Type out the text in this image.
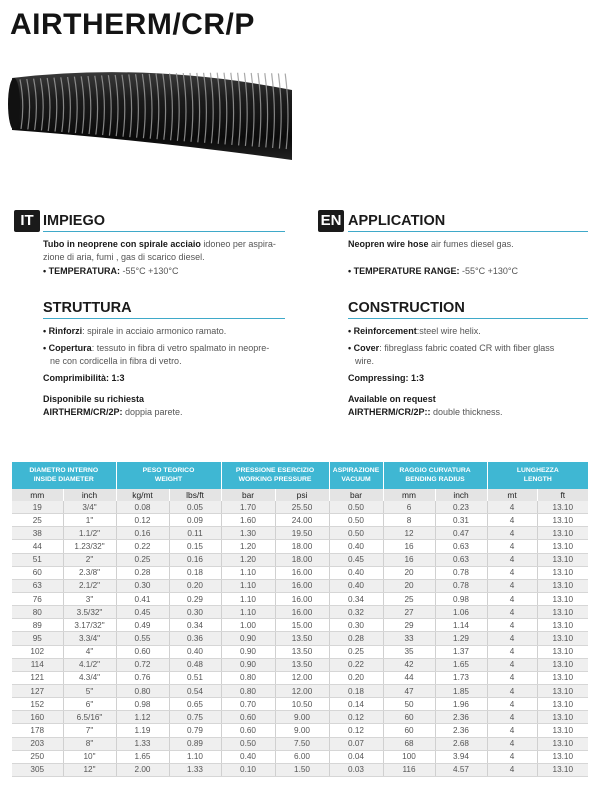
AIRTHERM/CR/P
IT IMPIEGO
Tubo in neoprene con spirale acciaio idoneo per aspira-
zione di aria, fumi , gas di scarico diesel.
• TEMPERATURA: -55°C +130°C
STRUTTURA
• Rinforzi: spirale in acciaio armonico ramato.
• Copertura: tessuto in fibra di vetro spalmato in neopre-
ne con cordicella in fibra di vetro.
Comprimibilità: 1:3
Disponibile su richiesta
AIRTHERM/CR/2P: doppia parete.
EN APPLICATION
Neopren wire hose air fumes diesel gas.
• TEMPERATURE RANGE: -55°C +130°C
CONSTRUCTION
• Reinforcement:steel wire helix.
• Cover: fibreglass fabric coated CR with fiber glass
wire.
Compressing: 1:3
Available on request
AIRTHERM/CR/2P:: double thickness.
DIAMETRO INTERNO
INSIDE DIAMETER		PESO TEORICO
WEIGHT		PRESSIONE ESERCIZIO
WORKING PRESSURE		ASPIRAZIONE
VACUUM	RAGGIO CURVATURA
BENDING RADIUS		LUNGHEZZA
LENGTH	
mm	inch	kg/mt	lbs/ft	bar	psi	bar	mm	inch	mt	ft
19	3/4"	0.08	0.05	1.70	25.50	0.50	6	0.23	4	13.10
25	1"	0.12	0.09	1.60	24.00	0.50	8	0.31	4	13.10
38	1.1/2"	0.16	0.11	1.30	19.50	0.50	12	0.47	4	13.10
44	1.23/32"	0.22	0.15	1.20	18.00	0.40	16	0.63	4	13.10
51	2"	0.25	0.16	1.20	18.00	0.45	16	0.63	4	13.10
60	2.3/8"	0.28	0.18	1.10	16.00	0.40	20	0.78	4	13.10
63	2.1/2"	0.30	0.20	1.10	16.00	0.40	20	0.78	4	13.10
76	3"	0.41	0.29	1.10	16.00	0.34	25	0.98	4	13.10
80	3.5/32"	0.45	0.30	1.10	16.00	0.32	27	1.06	4	13.10
89	3.17/32"	0.49	0.34	1.00	15.00	0.30	29	1.14	4	13.10
95	3.3/4"	0.55	0.36	0.90	13.50	0.28	33	1.29	4	13.10
102	4"	0.60	0.40	0.90	13.50	0.25	35	1.37	4	13.10
114	4.1/2"	0.72	0.48	0.90	13.50	0.22	42	1.65	4	13.10
121	4.3/4"	0.76	0.51	0.80	12.00	0.20	44	1.73	4	13.10
127	5"	0.80	0.54	0.80	12.00	0.18	47	1.85	4	13.10
152	6"	0.98	0.65	0.70	10.50	0.14	50	1.96	4	13.10
160	6.5/16"	1.12	0.75	0.60	9.00	0.12	60	2.36	4	13.10
178	7"	1.19	0.79	0.60	9.00	0.12	60	2.36	4	13.10
203	8"	1.33	0.89	0.50	7.50	0.07	68	2.68	4	13.10
250	10"	1.65	1.10	0.40	6.00	0.04	100	3.94	4	13.10
305	12"	2.00	1.33	0.10	1.50	0.03	116	4.57	4	13.10
